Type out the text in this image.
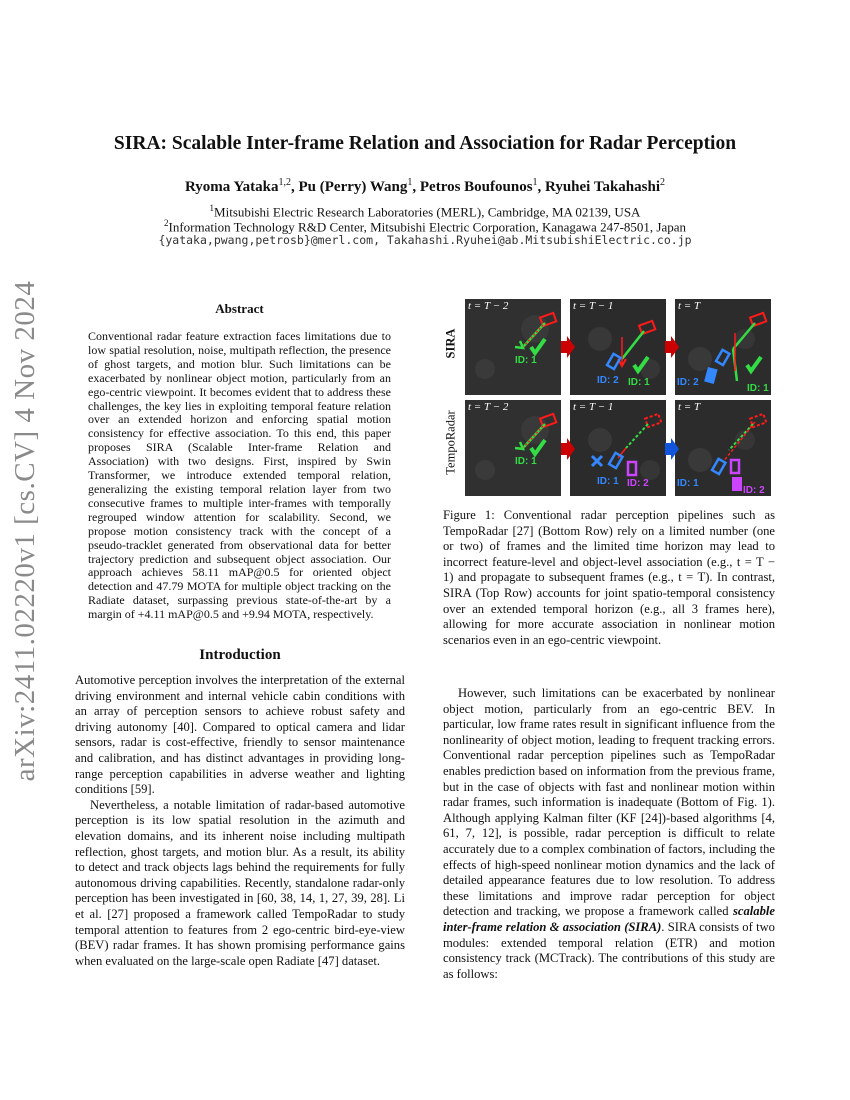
arXiv:2411.02220v1 [cs.CV] 4 Nov 2024
SIRA: Scalable Inter-frame Relation and Association for Radar Perception
Ryoma Yataka$^{1,2}$, Pu (Perry) Wang$^1$, Petros Boufounos$^1$, Ryuhei Takahashi$^2$
$^1$Mitsubishi Electric Research Laboratories (MERL), Cambridge, MA 02139, USA
$^2$Information Technology R&D Center, Mitsubishi Electric Corporation, Kanagawa 247-8501, Japan
{yataka,pwang,petrosb}@merl.com, Takahashi.Ryuhei@ab.MitsubishiElectric.co.jp
Abstract
Conventional radar feature extraction faces limitations due to low spatial resolution, noise, multipath reflection, the presence of ghost targets, and motion blur. Such limitations can be exacerbated by nonlinear object motion, particularly from an ego-centric viewpoint. It becomes evident that to address these challenges, the key lies in exploiting temporal feature relation over an extended horizon and enforcing spatial motion consistency for effective association. To this end, this paper proposes SIRA (Scalable Inter-frame Relation and Association) with two designs. First, inspired by Swin Transformer, we introduce extended temporal relation, generalizing the existing temporal relation layer from two consecutive frames to multiple inter-frames with temporally regrouped window attention for scalability. Second, we propose motion consistency track with the concept of a pseudo-tracklet generated from observational data for better trajectory prediction and subsequent object association. Our approach achieves 58.11 mAP@0.5 for oriented object detection and 47.79 MOTA for multiple object tracking on the Radiate dataset, surpassing previous state-of-the-art by a margin of +4.11 mAP@0.5 and +9.94 MOTA, respectively.
Introduction

Automotive perception involves the interpretation of the external driving environment and internal vehicle cabin conditions with an array of perception sensors to achieve robust safety and driving autonomy [40]. Compared to optical camera and lidar sensors, radar is cost-effective, friendly to sensor maintenance and calibration, and has distinct advantages in providing long-range perception capabilities in adverse weather and lighting conditions [59].

Nevertheless, a notable limitation of radar-based automotive perception is its low spatial resolution in the azimuth and elevation domains, and its inherent noise including multipath reflection, ghost targets, and motion blur. As a result, its ability to detect and track objects lags behind the requirements for fully autonomous driving capabilities. Recently, standalone radar-only perception has been investigated in [60, 38, 14, 1, 27, 39, 28]. Li et al. [27] proposed a framework called TempoRadar to study temporal attention to features from 2 ego-centric bird-eye-view (BEV) radar frames. It has shown promising performance gains when evaluated on the large-scale open Radiate [47] dataset.

SIRA
TempoRadar
t = T − 2
ID: 1
t = T − 1
ID: 2 ID: 1
t = T
ID: 2
ID: 1
t = T − 2
ID: 1
t = T − 1
ID: 1 ID: 2
t = T
ID: 1
ID: 2
Figure 1: Conventional radar perception pipelines such as TempoRadar [27] (Bottom Row) rely on a limited number (one or two) of frames and the limited time horizon may lead to incorrect feature-level and object-level association (e.g., t = T − 1) and propagate to subsequent frames (e.g., t = T). In contrast, SIRA (Top Row) accounts for joint spatio-temporal consistency over an extended temporal horizon (e.g., all 3 frames here), allowing for more accurate association in nonlinear motion scenarios even in an ego-centric viewpoint.

However, such limitations can be exacerbated by nonlinear object motion, particularly from an ego-centric BEV. In particular, low frame rates result in significant influence from the nonlinearity of object motion, leading to frequent tracking errors. Conventional radar perception pipelines such as TempoRadar enables prediction based on information from the previous frame, but in the case of objects with fast and nonlinear motion within radar frames, such information is inadequate (Bottom of Fig. 1). Although applying Kalman filter (KF [24])-based algorithms [4, 61, 7, 12], is possible, radar perception is difficult to relate accurately due to a complex combination of factors, including the effects of high-speed nonlinear motion dynamics and the lack of detailed appearance features due to low resolution. To address these limitations and improve radar perception for object detection and tracking, we propose a framework called scalable inter-frame relation & association (SIRA). SIRA consists of two modules: extended temporal relation (ETR) and motion consistency track (MCTrack). The contributions of this study are as follows:
